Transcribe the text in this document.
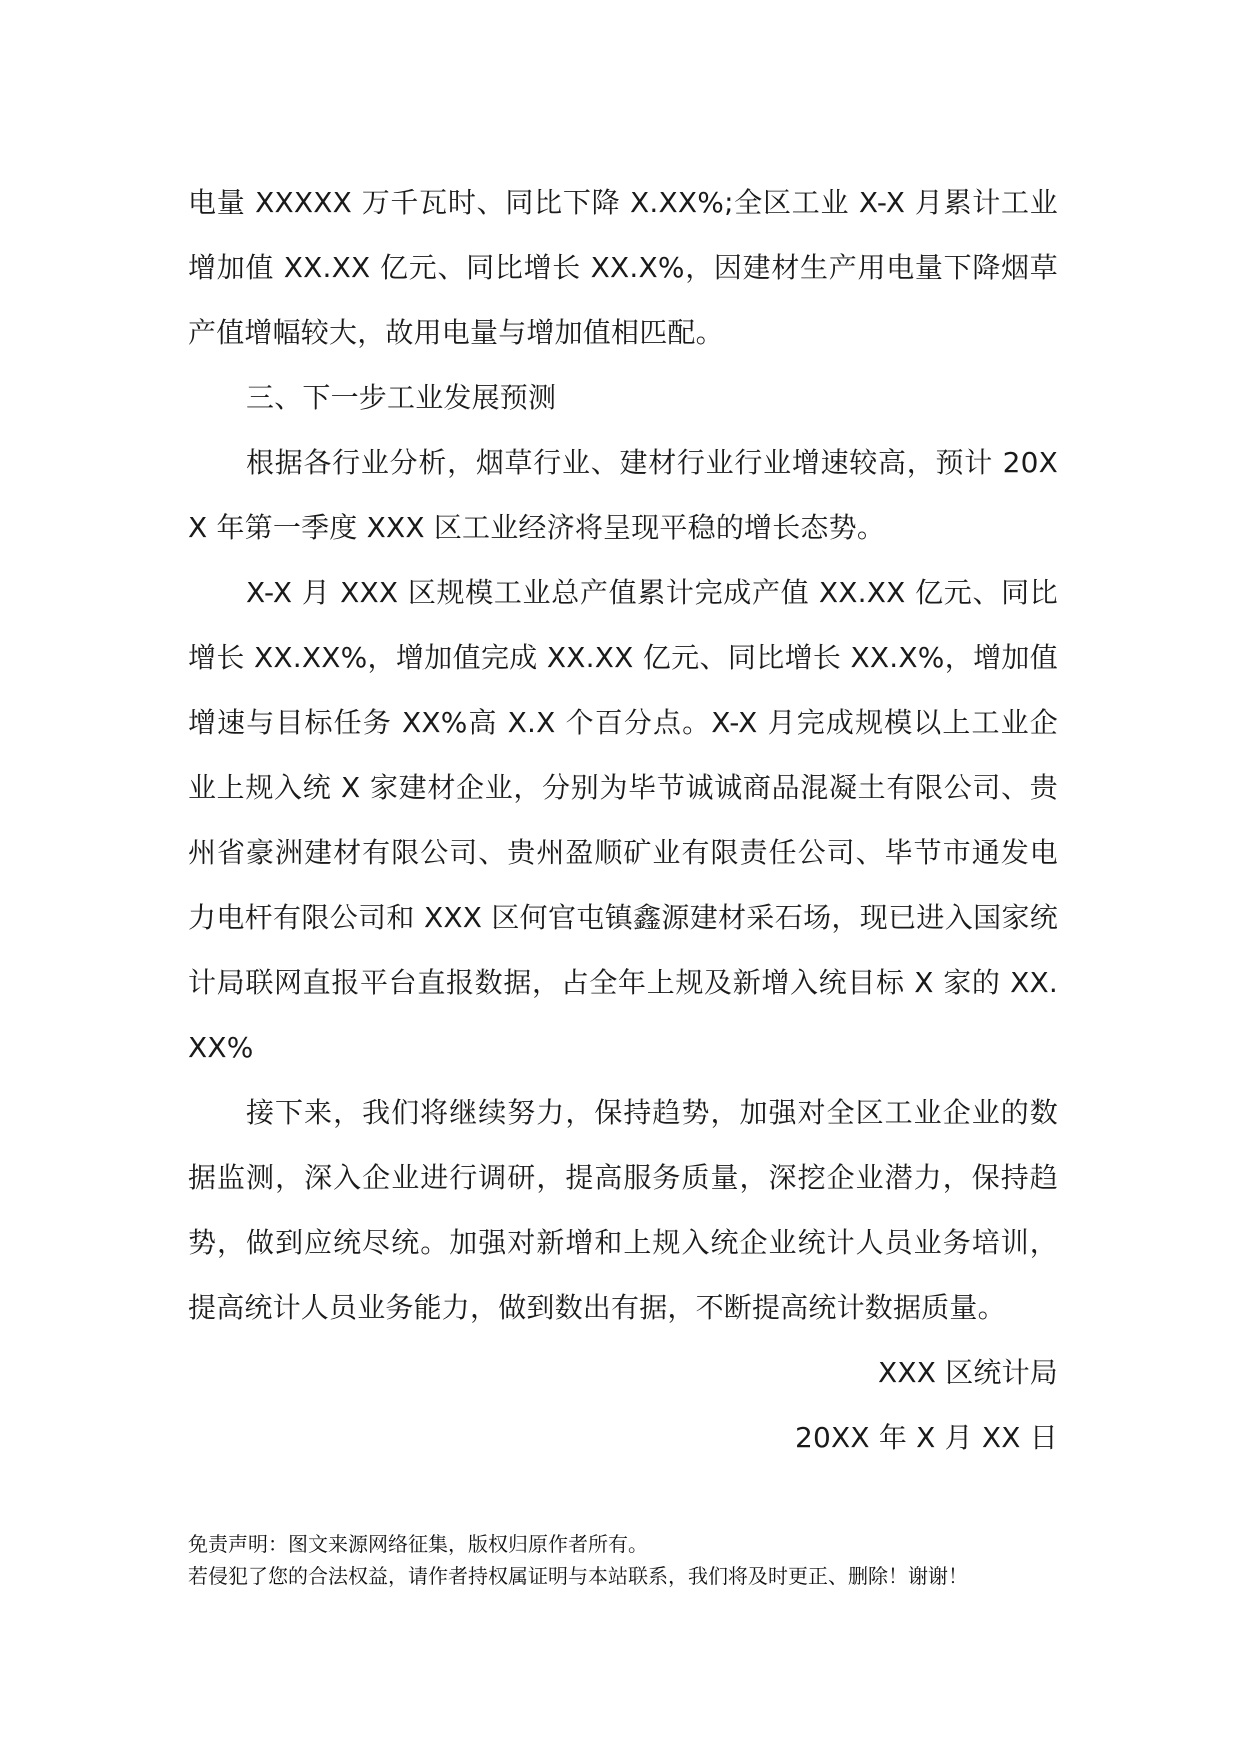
电量 XXXXX 万千瓦时、同比下降 X.XX%;全区工业 X-X 月累计工业增加值 XX.XX 亿元、同比增长 XX.X%，因建材生产用电量下降烟草产值增幅较大，故用电量与增加值相匹配。

三、下一步工业发展预测

根据各行业分析，烟草行业、建材行业行业增速较高，预计 20XX 年第一季度 XXX 区工业经济将呈现平稳的增长态势。

X-X 月 XXX 区规模工业总产值累计完成产值 XX.XX 亿元、同比增长 XX.XX%，增加值完成 XX.XX 亿元、同比增长 XX.X%，增加值增速与目标任务 XX%高 X.X 个百分点。X-X 月完成规模以上工业企业上规入统 X 家建材企业，分别为毕节诚诚商品混凝土有限公司、贵州省豪洲建材有限公司、贵州盈顺矿业有限责任公司、毕节市通发电力电杆有限公司和 XXX 区何官屯镇鑫源建材采石场，现已进入国家统计局联网直报平台直报数据，占全年上规及新增入统目标 X 家的 XX.XX%

接下来，我们将继续努力，保持趋势，加强对全区工业企业的数据监测，深入企业进行调研，提高服务质量，深挖企业潜力，保持趋势，做到应统尽统。加强对新增和上规入统企业统计人员业务培训，提高统计人员业务能力，做到数出有据，不断提高统计数据质量。

XXX 区统计局

20XX 年 X 月 XX 日

免责声明：图文来源网络征集，版权归原作者所有。

若侵犯了您的合法权益，请作者持权属证明与本站联系，我们将及时更正、删除！谢谢！
